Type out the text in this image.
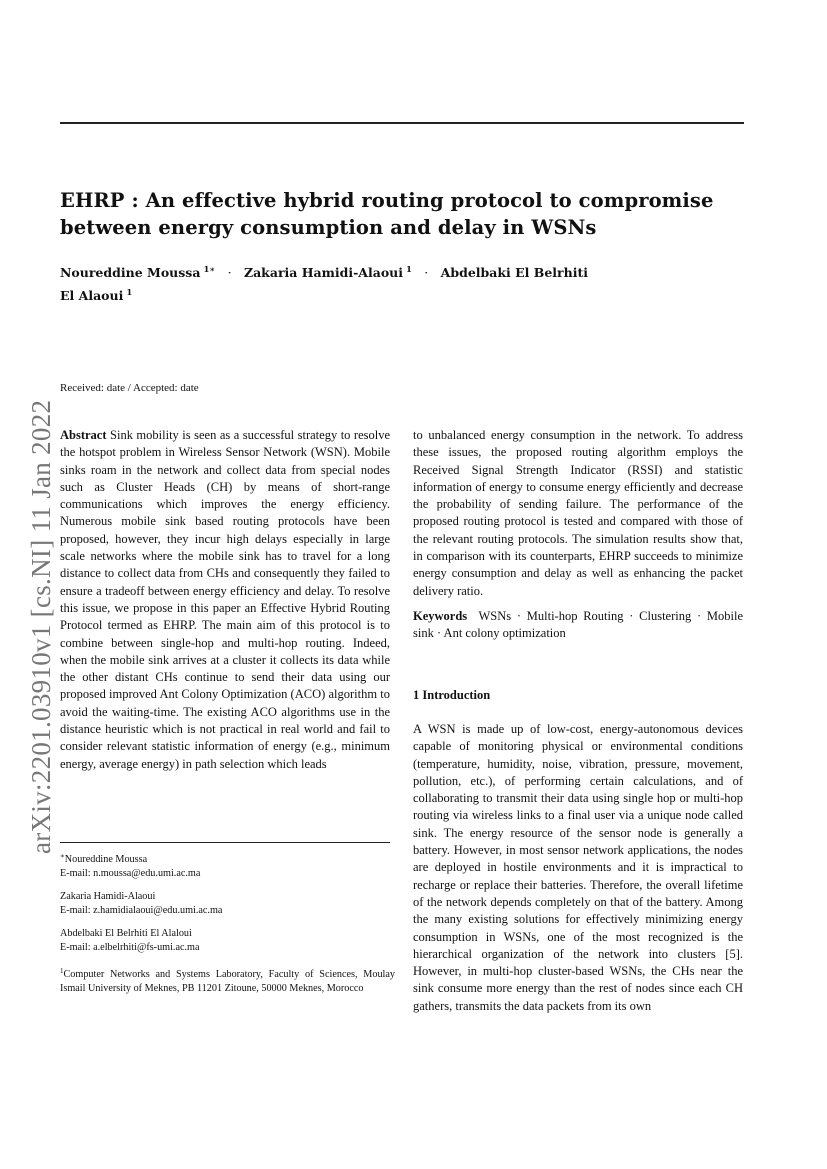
EHRP : An effective hybrid routing protocol to compromise
between energy consumption and delay in WSNs
Noureddine Moussa $^{1∗}$ · Zakaria Hamidi-Alaoui $^1$ · Abdelbaki El Belrhiti
El Alaoui $^1$
arXiv:2201.03910v1 [cs.NI] 11 Jan 2022
Received: date / Accepted: date

Abstract Sink mobility is seen as a successful strategy to resolve the hotspot problem in Wireless Sensor Network (WSN). Mobile sinks roam in the network and collect data from special nodes such as Cluster Heads (CH) by means of short-range communications which improves the energy efficiency. Numerous mobile sink based routing protocols have been proposed, however, they incur high delays especially in large scale networks where the mobile sink has to travel for a long distance to collect data from CHs and consequently they failed to ensure a tradeoff between energy efficiency and delay. To resolve this issue, we propose in this paper an Effective Hybrid Routing Protocol termed as EHRP. The main aim of this protocol is to combine between single-hop and multi-hop routing. Indeed, when the mobile sink arrives at a cluster it collects its data while the other distant CHs continue to send their data using our proposed improved Ant Colony Optimization (ACO) algorithm to avoid the waiting-time. The existing ACO algorithms use in the distance heuristic which is not practical in real world and fail to consider relevant statistic information of energy (e.g., minimum energy, average energy) in path selection which leads

∗Noureddine Moussa
E-mail: n.moussa@edu.umi.ac.ma
Zakaria Hamidi-Alaoui
E-mail: z.hamidialaoui@edu.umi.ac.ma
Abdelbaki El Belrhiti El Alaloui
E-mail: a.elbelrhiti@fs-umi.ac.ma

$^1$Computer Networks and Systems Laboratory, Faculty of Sciences, Moulay Ismail University of Meknes, PB 11201 Zitoune, 50000 Meknes, Morocco

to unbalanced energy consumption in the network. To address these issues, the proposed routing algorithm employs the Received Signal Strength Indicator (RSSI) and statistic information of energy to consume energy efficiently and decrease the probability of sending failure. The performance of the proposed routing protocol is tested and compared with those of the relevant routing protocols. The simulation results show that, in comparison with its counterparts, EHRP succeeds to minimize energy consumption and delay as well as enhancing the packet delivery ratio.

Keywords WSNs · Multi-hop Routing · Clustering · Mobile sink · Ant colony optimization

1 Introduction

A WSN is made up of low-cost, energy-autonomous devices capable of monitoring physical or environmental conditions (temperature, humidity, noise, vibration, pressure, movement, pollution, etc.), of performing certain calculations, and of collaborating to transmit their data using single hop or multi-hop routing via wireless links to a final user via a unique node called sink. The energy resource of the sensor node is generally a battery. However, in most sensor network applications, the nodes are deployed in hostile environments and it is impractical to recharge or replace their batteries. Therefore, the overall lifetime of the network depends completely on that of the battery. Among the many existing solutions for effectively minimizing energy consumption in WSNs, one of the most recognized is the hierarchical organization of the network into clusters [5]. However, in multi-hop cluster-based WSNs, the CHs near the sink consume more energy than the rest of nodes since each CH gathers, transmits the data packets from its own
